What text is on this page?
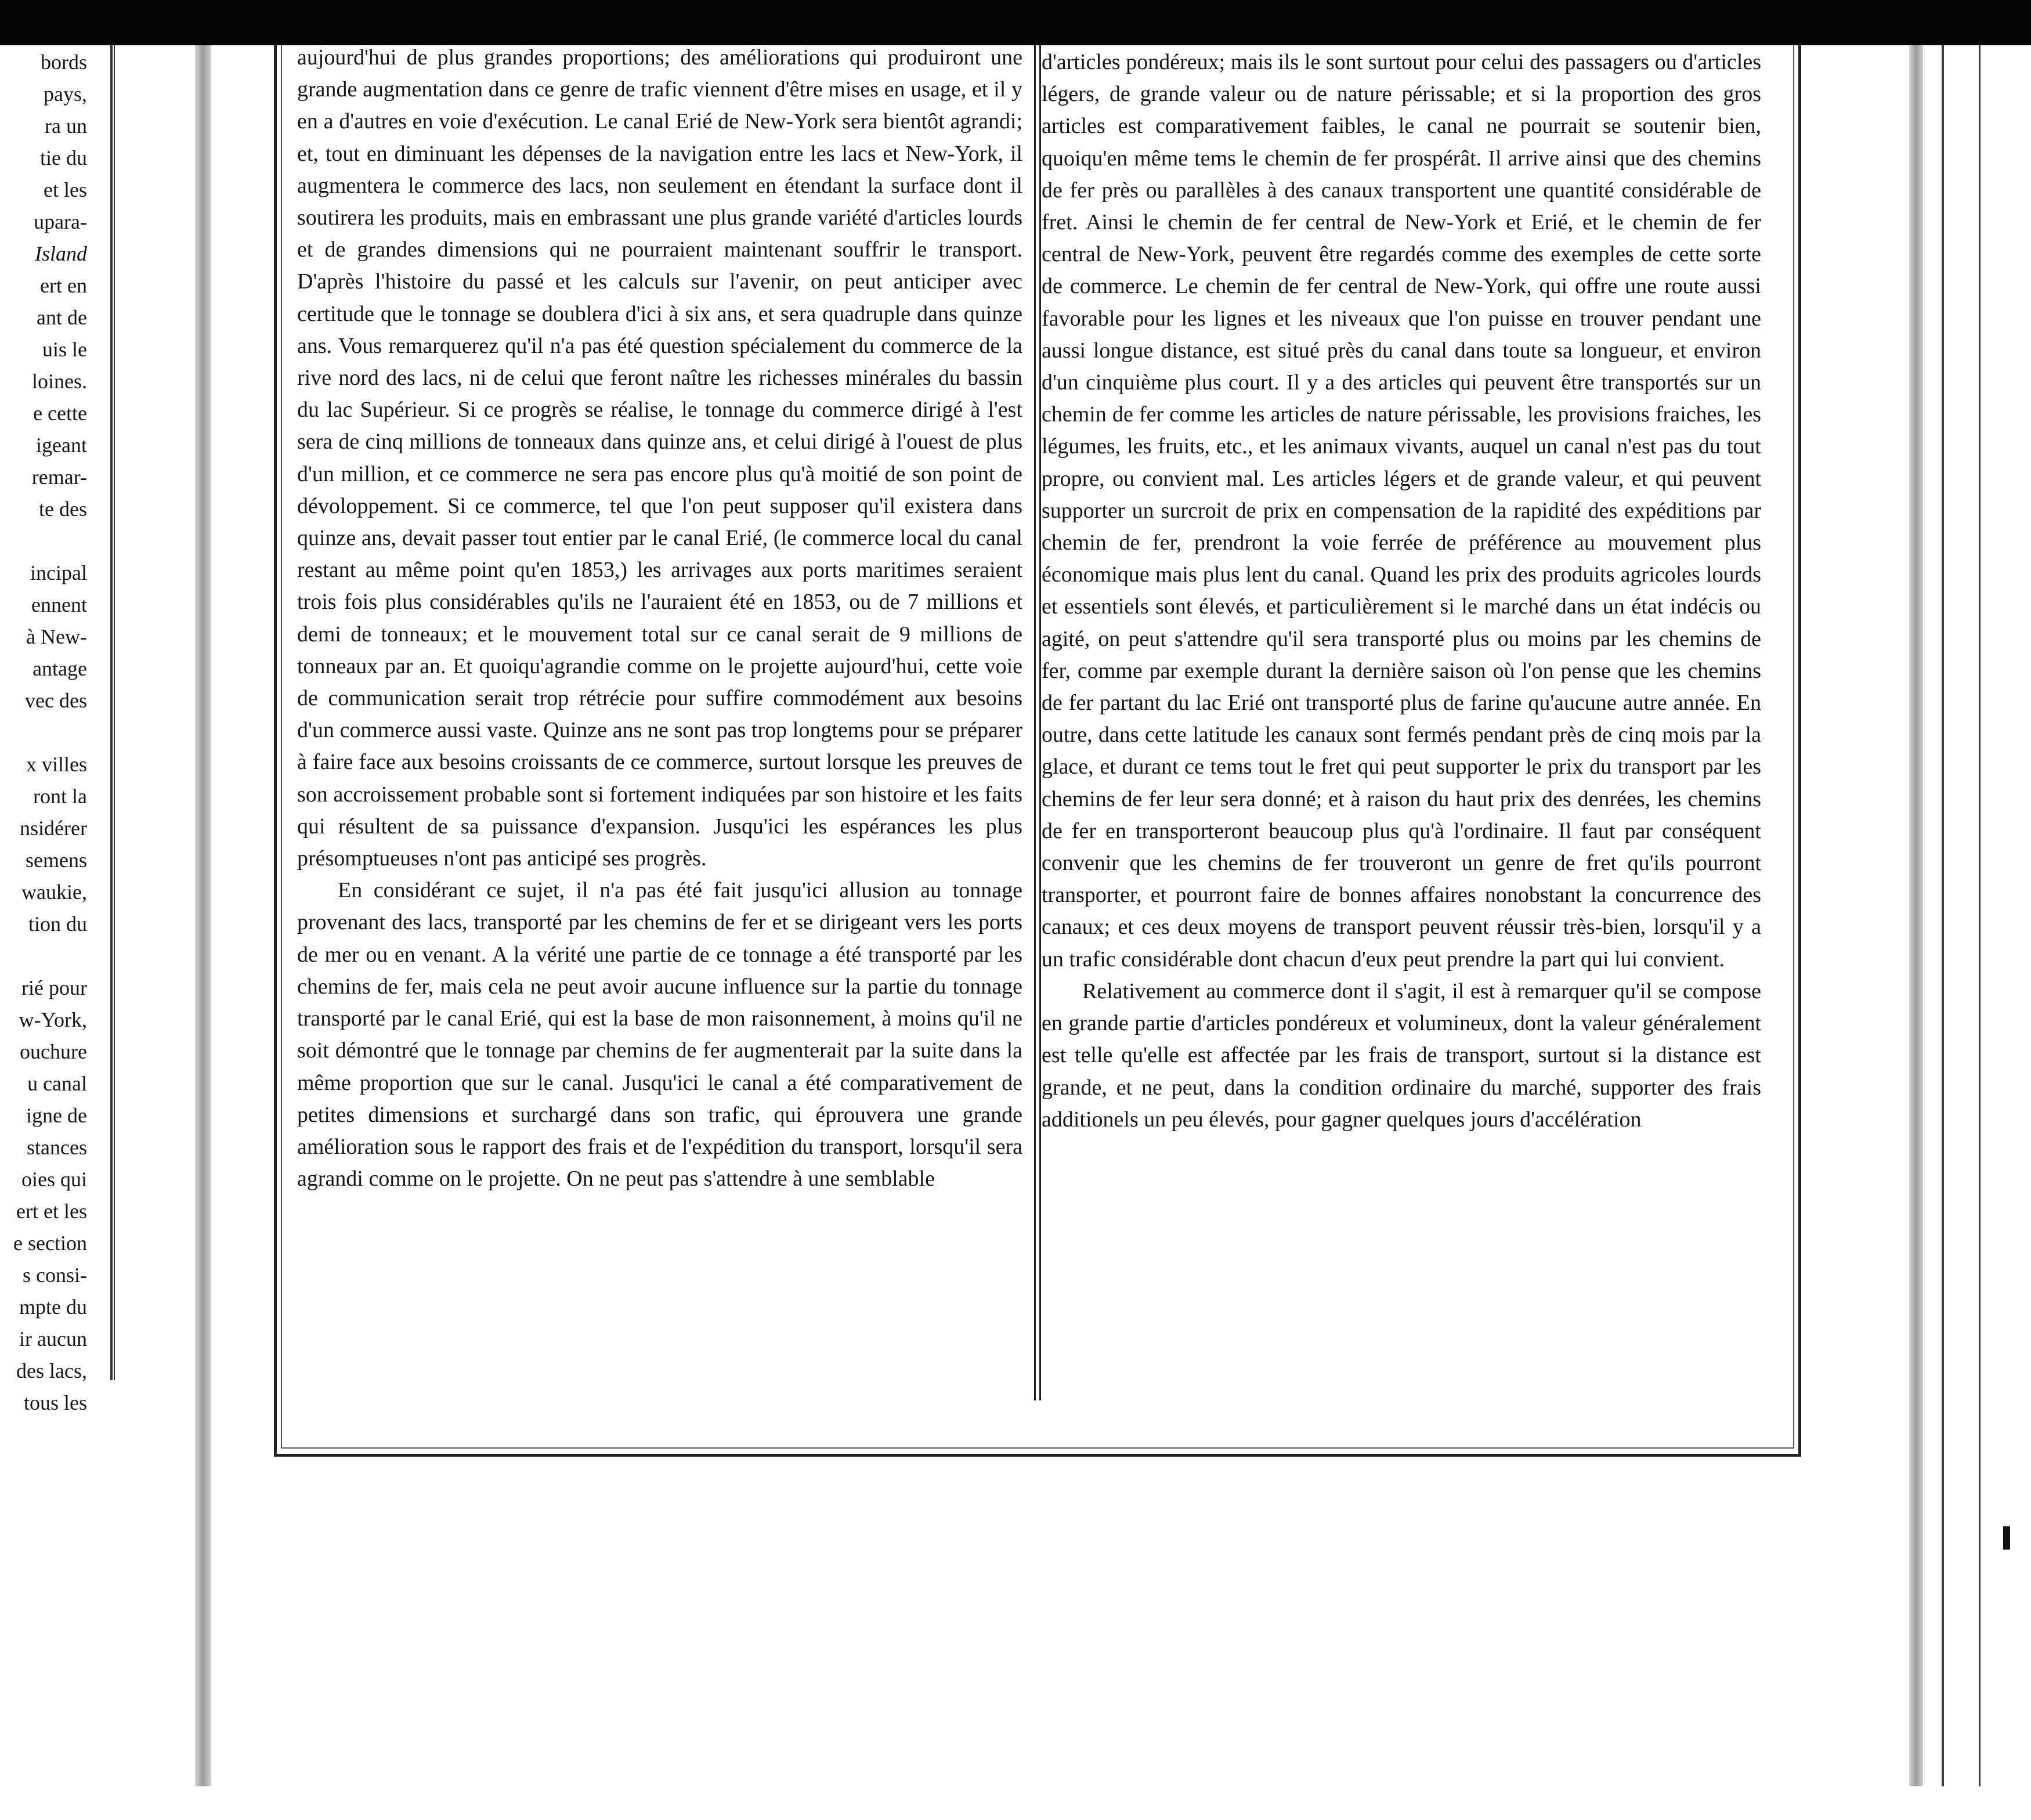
bords
pays,
ra un
tie du
et les
upara-
Island
ert en
ant de
uis le
loines.
e cette
igeant
remar-
te des
incipal
ennent
à New-
antage
vec des
x villes
ront la
nsidérer
semens
waukie,
tion du
rié pour
w-York,
ouchure
u canal
igne de
stances
oies qui
ert et les
e section
s consi-
mpte du
ir aucun
des lacs,
tous les

aujourd'hui de plus grandes proportions; des améliorations qui produiront une grande augmentation dans ce genre de trafic viennent d'être mises en usage, et il y en a d'autres en voie d'exécution. Le canal Erié de New-York sera bientôt agrandi; et, tout en diminuant les dépenses de la navigation entre les lacs et New-York, il augmentera le commerce des lacs, non seulement en étendant la surface dont il soutirera les produits, mais en embrassant une plus grande variété d'articles lourds et de grandes dimensions qui ne pourraient maintenant souffrir le transport. D'après l'histoire du passé et les calculs sur l'avenir, on peut anticiper avec certitude que le tonnage se doublera d'ici à six ans, et sera quadruple dans quinze ans. Vous remarquerez qu'il n'a pas été question spécialement du commerce de la rive nord des lacs, ni de celui que feront naître les richesses minérales du bassin du lac Supérieur. Si ce progrès se réalise, le tonnage du commerce dirigé à l'est sera de cinq millions de tonneaux dans quinze ans, et celui dirigé à l'ouest de plus d'un million, et ce commerce ne sera pas encore plus qu'à moitié de son point de dévoloppement. Si ce commerce, tel que l'on peut supposer qu'il existera dans quinze ans, devait passer tout entier par le canal Erié, (le commerce local du canal restant au même point qu'en 1853,) les arrivages aux ports maritimes seraient trois fois plus considérables qu'ils ne l'auraient été en 1853, ou de 7 millions et demi de tonneaux; et le mouvement total sur ce canal serait de 9 millions de tonneaux par an. Et quoiqu'agrandie comme on le projette aujourd'hui, cette voie de communication serait trop rétrécie pour suffire commodément aux besoins d'un commerce aussi vaste. Quinze ans ne sont pas trop longtems pour se préparer à faire face aux besoins croissants de ce commerce, surtout lorsque les preuves de son accroissement probable sont si fortement indiquées par son histoire et les faits qui résultent de sa puissance d'expansion. Jusqu'ici les espérances les plus présomptueuses n'ont pas anticipé ses progrès.

En considérant ce sujet, il n'a pas été fait jusqu'ici allusion au tonnage provenant des lacs, transporté par les chemins de fer et se dirigeant vers les ports de mer ou en venant. A la vérité une partie de ce tonnage a été transporté par les chemins de fer, mais cela ne peut avoir aucune influence sur la partie du tonnage transporté par le canal Erié, qui est la base de mon raisonnement, à moins qu'il ne soit démontré que le tonnage par chemins de fer augmenterait par la suite dans la même proportion que sur le canal. Jusqu'ici le canal a été comparativement de petites dimensions et surchargé dans son trafic, qui éprouvera une grande amélioration sous le rapport des frais et de l'expédition du transport, lorsqu'il sera agrandi comme on le projette. On ne peut pas s'attendre à une semblable

d'articles pondéreux; mais ils le sont surtout pour celui des passagers ou d'articles légers, de grande valeur ou de nature périssable; et si la proportion des gros articles est comparativement faibles, le canal ne pourrait se soutenir bien, quoiqu'en même tems le chemin de fer prospérât. Il arrive ainsi que des chemins de fer près ou parallèles à des canaux transportent une quantité considérable de fret. Ainsi le chemin de fer central de New-York et Erié, et le chemin de fer central de New-York, peuvent être regardés comme des exemples de cette sorte de commerce. Le chemin de fer central de New-York, qui offre une route aussi favorable pour les lignes et les niveaux que l'on puisse en trouver pendant une aussi longue distance, est situé près du canal dans toute sa longueur, et environ d'un cinquième plus court. Il y a des articles qui peuvent être transportés sur un chemin de fer comme les articles de nature périssable, les provisions fraiches, les légumes, les fruits, etc., et les animaux vivants, auquel un canal n'est pas du tout propre, ou convient mal. Les articles légers et de grande valeur, et qui peuvent supporter un surcroit de prix en compensation de la rapidité des expéditions par chemin de fer, prendront la voie ferrée de préférence au mouvement plus économique mais plus lent du canal. Quand les prix des produits agricoles lourds et essentiels sont élevés, et particulièrement si le marché dans un état indécis ou agité, on peut s'attendre qu'il sera transporté plus ou moins par les chemins de fer, comme par exemple durant la dernière saison où l'on pense que les chemins de fer partant du lac Erié ont transporté plus de farine qu'aucune autre année. En outre, dans cette latitude les canaux sont fermés pendant près de cinq mois par la glace, et durant ce tems tout le fret qui peut supporter le prix du transport par les chemins de fer leur sera donné; et à raison du haut prix des denrées, les chemins de fer en transporteront beaucoup plus qu'à l'ordinaire. Il faut par conséquent convenir que les chemins de fer trouveront un genre de fret qu'ils pourront transporter, et pourront faire de bonnes affaires nonobstant la concurrence des canaux; et ces deux moyens de transport peuvent réussir très-bien, lorsqu'il y a un trafic considérable dont chacun d'eux peut prendre la part qui lui convient.

Relativement au commerce dont il s'agit, il est à remarquer qu'il se compose en grande partie d'articles pondéreux et volumineux, dont la valeur généralement est telle qu'elle est affectée par les frais de transport, surtout si la distance est grande, et ne peut, dans la condition ordinaire du marché, supporter des frais additionels un peu élevés, pour gagner quelques jours d'accélération
